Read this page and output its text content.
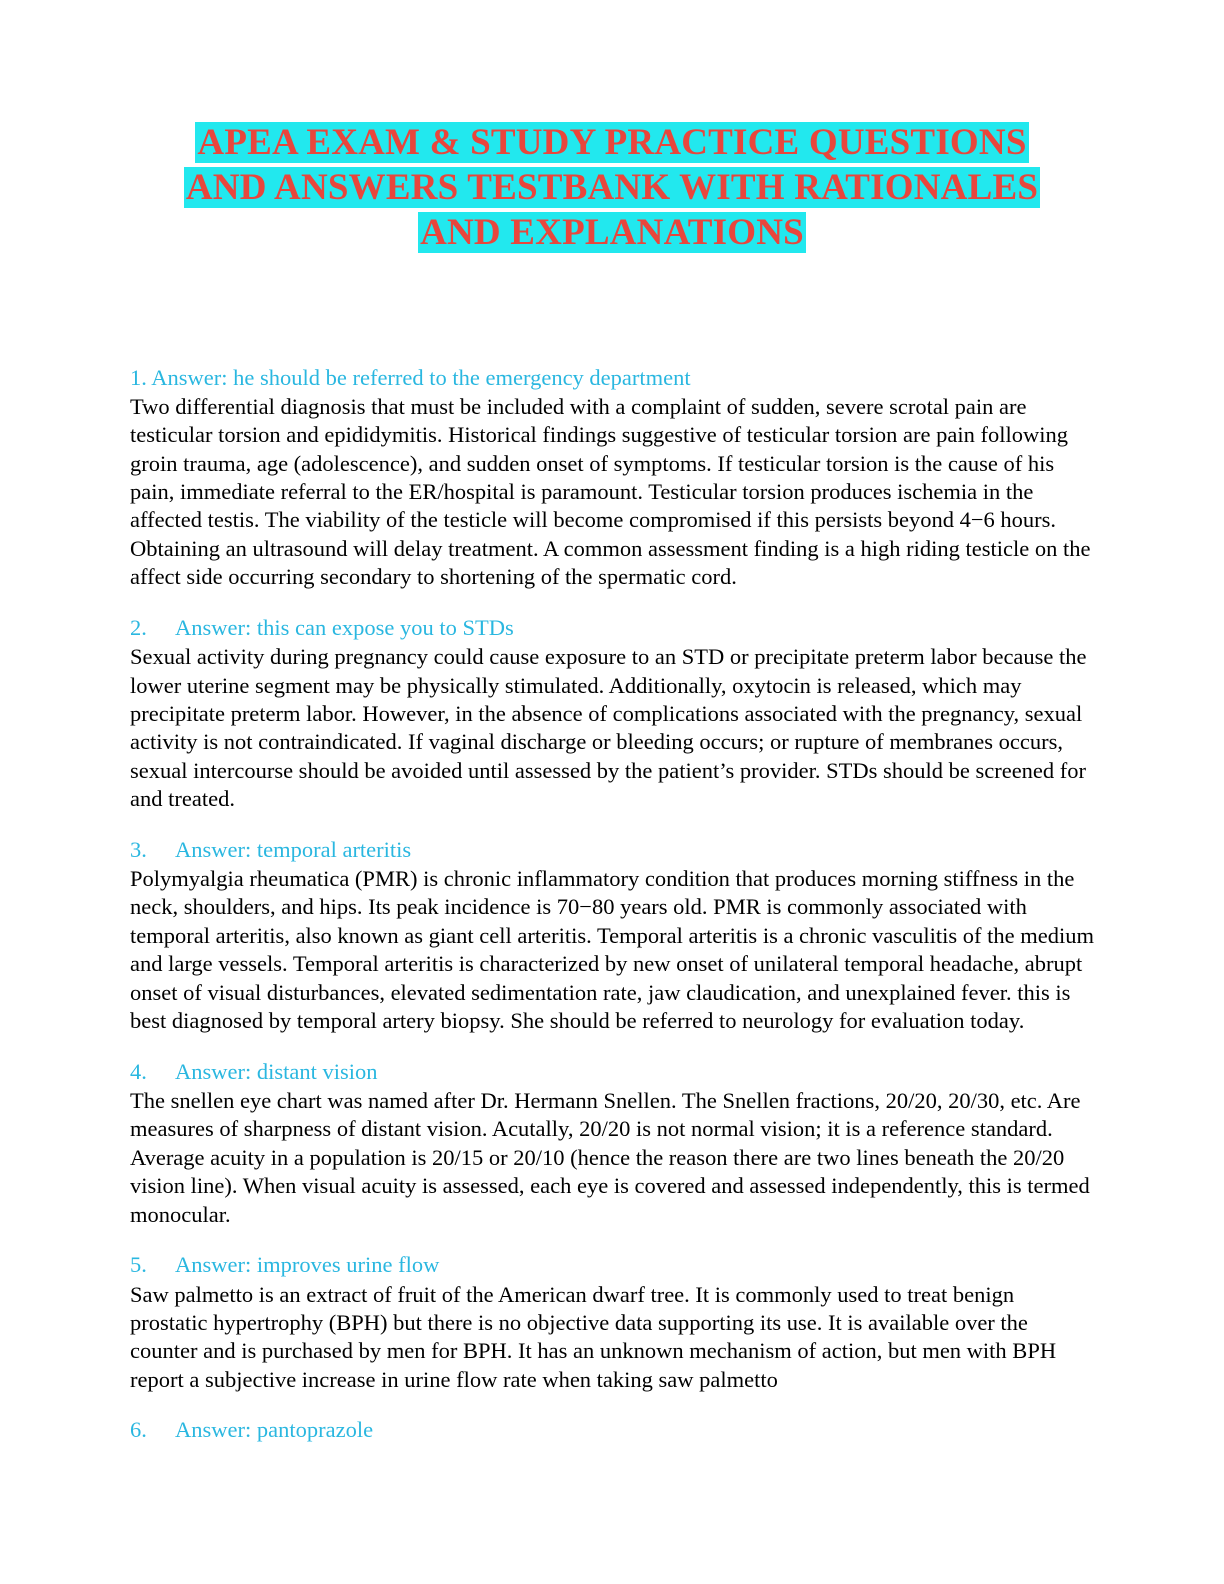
APEA EXAM & STUDY PRACTICE QUESTIONS
AND ANSWERS TESTBANK WITH RATIONALES
AND EXPLANATIONS
1. Answer: he should be referred to the emergency department
Two differential diagnosis that must be included with a complaint of sudden, severe scrotal pain are testicular torsion and epididymitis. Historical findings suggestive of testicular torsion are pain following groin trauma, age (adolescence), and sudden onset of symptoms. If testicular torsion is the cause of his pain, immediate referral to the ER/hospital is paramount. Testicular torsion produces ischemia in the affected testis. The viability of the testicle will become compromised if this persists beyond 4−6 hours. Obtaining an ultrasound will delay treatment. A common assessment finding is a high riding testicle on the affect side occurring secondary to shortening of the spermatic cord.
2.	Answer: this can expose you to STDs
Sexual activity during pregnancy could cause exposure to an STD or precipitate preterm labor because the lower uterine segment may be physically stimulated. Additionally, oxytocin is released, which may precipitate preterm labor. However, in the absence of complications associated with the pregnancy, sexual activity is not contraindicated. If vaginal discharge or bleeding occurs; or rupture of membranes occurs, sexual intercourse should be avoided until assessed by the patient’s provider. STDs should be screened for and treated.
3.	Answer: temporal arteritis
Polymyalgia rheumatica (PMR) is chronic inflammatory condition that produces morning stiffness in the neck, shoulders, and hips. Its peak incidence is 70−80 years old. PMR is commonly associated with temporal arteritis, also known as giant cell arteritis. Temporal arteritis is a chronic vasculitis of the medium and large vessels. Temporal arteritis is characterized by new onset of unilateral temporal headache, abrupt onset of visual disturbances, elevated sedimentation rate, jaw claudication, and unexplained fever. this is best diagnosed by temporal artery biopsy. She should be referred to neurology for evaluation today.
4.	Answer: distant vision
The snellen eye chart was named after Dr. Hermann Snellen. The Snellen fractions, 20/20, 20/30, etc. Are measures of sharpness of distant vision. Acutally, 20/20 is not normal vision; it is a reference standard. Average acuity in a population is 20/15 or 20/10 (hence the reason there are two lines beneath the 20/20 vision line). When visual acuity is assessed, each eye is covered and assessed independently, this is termed monocular.
5.	Answer: improves urine flow
Saw palmetto is an extract of fruit of the American dwarf tree. It is commonly used to treat benign prostatic hypertrophy (BPH) but there is no objective data supporting its use. It is available over the counter and is purchased by men for BPH. It has an unknown mechanism of action, but men with BPH report a subjective increase in urine flow rate when taking saw palmetto
6.	Answer: pantoprazole
